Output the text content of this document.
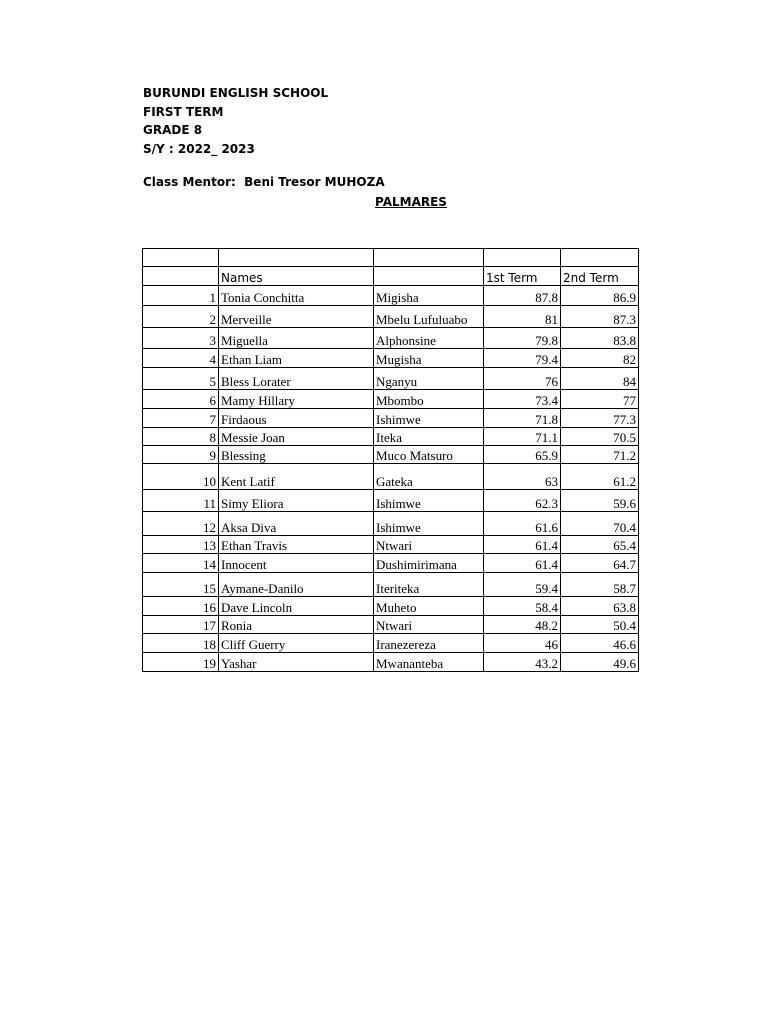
BURUNDI ENGLISH SCHOOL
FIRST TERM
GRADE 8
S/Y : 2022_ 2023
Class Mentor:  Beni Tresor MUHOZA
PALMARES

	Names		1st Term	2nd Term
1	Tonia Conchitta	Migisha	87.8	86.9
2	Merveille	Mbelu Lufuluabo	81	87.3
3	Miguella	Alphonsine	79.8	83.8
4	Ethan Liam	Mugisha	79.4	82
5	Bless Lorater	Nganyu	76	84
6	Mamy Hillary	Mbombo	73.4	77
7	Firdaous	Ishimwe	71.8	77.3
8	Messie Joan	Iteka	71.1	70.5
9	Blessing	Muco Matsuro	65.9	71.2
10	Kent Latif	Gateka	63	61.2
11	Simy Eliora	Ishimwe	62.3	59.6
12	Aksa Diva	Ishimwe	61.6	70.4
13	Ethan Travis	Ntwari	61.4	65.4
14	Innocent	Dushimirimana	61.4	64.7
15	Aymane-Danilo	Iteriteka	59.4	58.7
16	Dave Lincoln	Muheto	58.4	63.8
17	Ronia	Ntwari	48.2	50.4
18	Cliff Guerry	Iranezereza	46	46.6
19	Yashar	Mwananteba	43.2	49.6
